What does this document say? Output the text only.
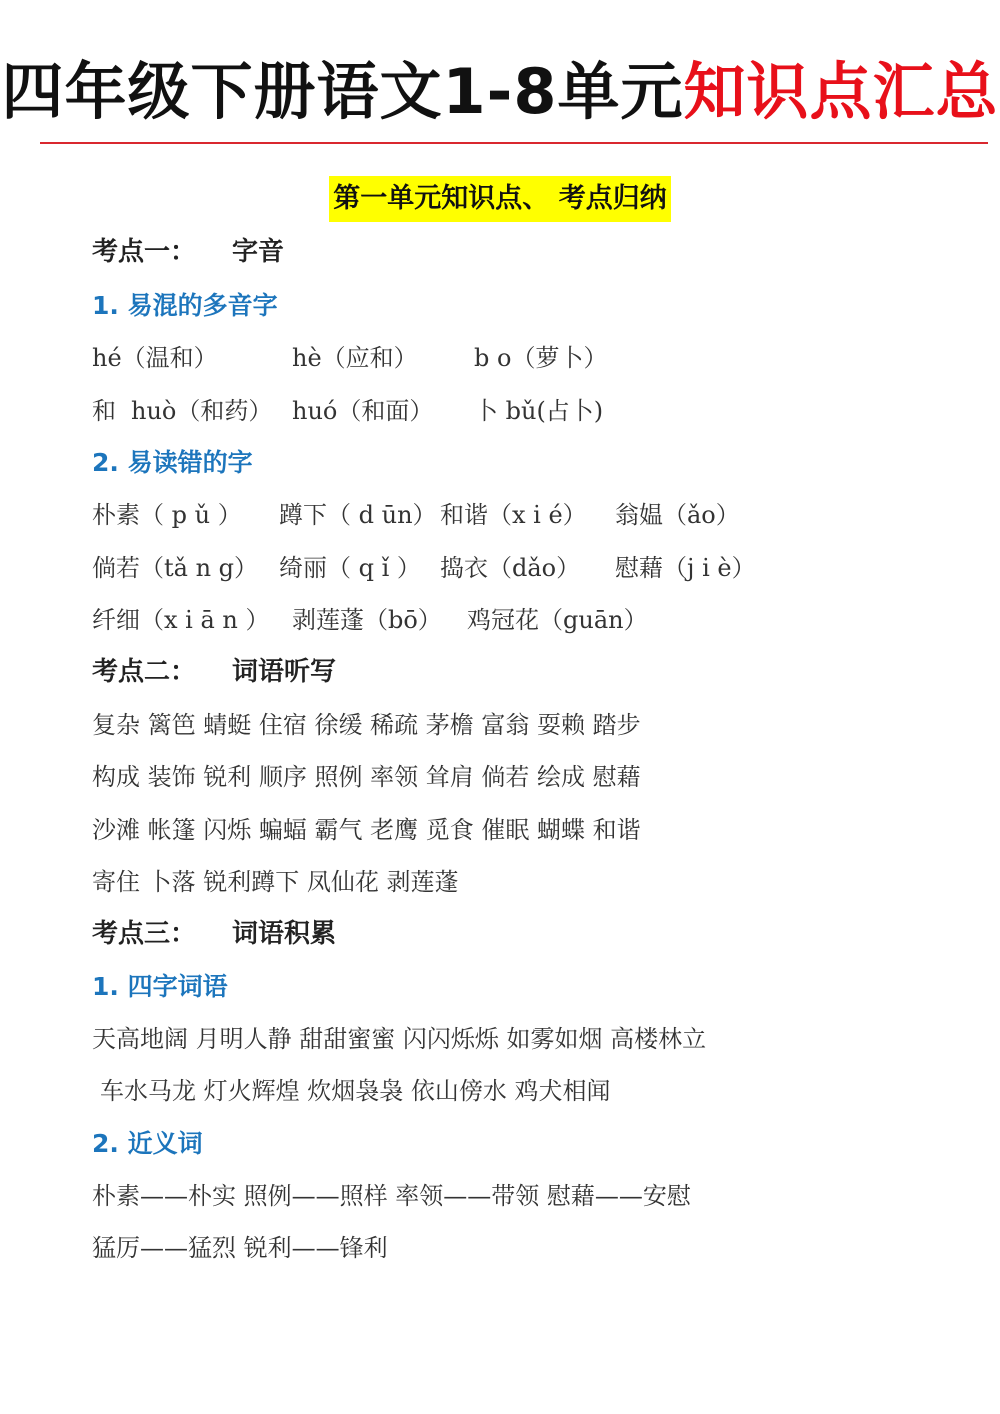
四年级下册语文1-8单元知识点汇总
第一单元知识点、 考点归纳
考点一： 字音
1. 易混的多音字
hé（温和）	hè（应和） b o（萝卜）
和 huò（和药） huó（和面） 卜 bǔ(占卜)
2. 易读错的字
朴素（ p ǔ ） 蹲下（ d ūn） 和谐（x i é） 翁媪（ǎo）
倘若（tǎ n g） 绮丽（ q ǐ ） 捣衣（dǎo） 慰藉（j i è）
纤细（x i ā n ） 剥莲蓬（bō） 鸡冠花（guān）
考点二： 词语听写
复杂 篱笆 蜻蜓 住宿 徐缓 稀疏 茅檐 富翁 耍赖 踏步
构成 装饰 锐利 顺序 照例 率领 耸肩 倘若 绘成 慰藉
沙滩 帐篷 闪烁 蝙蝠 霸气 老鹰 觅食 催眠 蝴蝶 和谐
寄住 卜落 锐利蹲下 凤仙花 剥莲蓬
考点三： 词语积累
1. 四字词语
天高地阔 月明人静 甜甜蜜蜜 闪闪烁烁 如雾如烟 高楼林立
车水马龙 灯火辉煌 炊烟袅袅 依山傍水 鸡犬相闻
2. 近义词
朴素——朴实 照例——照样 率领——带领 慰藉——安慰
猛厉——猛烈 锐利——锋利
